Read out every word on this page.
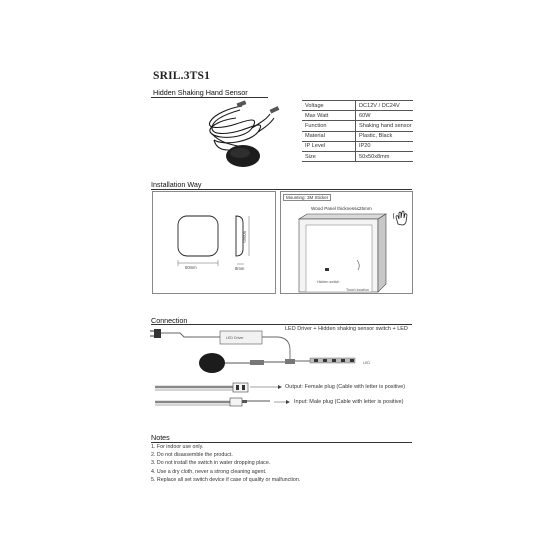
SRIL.3TS1
Hidden Shaking Hand Sensor
Voltage	DC12V / DC24V
Max Watt	60W
Function	Shaking hand sensor
Material	Plastic, Black
IP Level	IP20
Size	50x50x8mm
Installation Way
50mm
50mm
8mm
Mounting: 3M Sticker
Wood Panel thickness≤25mm
Hidden switch
Touch location
Connection
LED Driver + Hidden shaking sensor switch + LED
LED Driver
LED
Output: Female plug (Cable with letter is positive)
Input: Male plug (Cable with letter is positive)
Notes
1. For indoor use only.
2. Do not disassemble the product.
3. Do not install the switch in water dropping place.
4. Use a dry cloth, never a strong cleaning agent.
5. Replace all set switch device if case of quality or malfunction.
